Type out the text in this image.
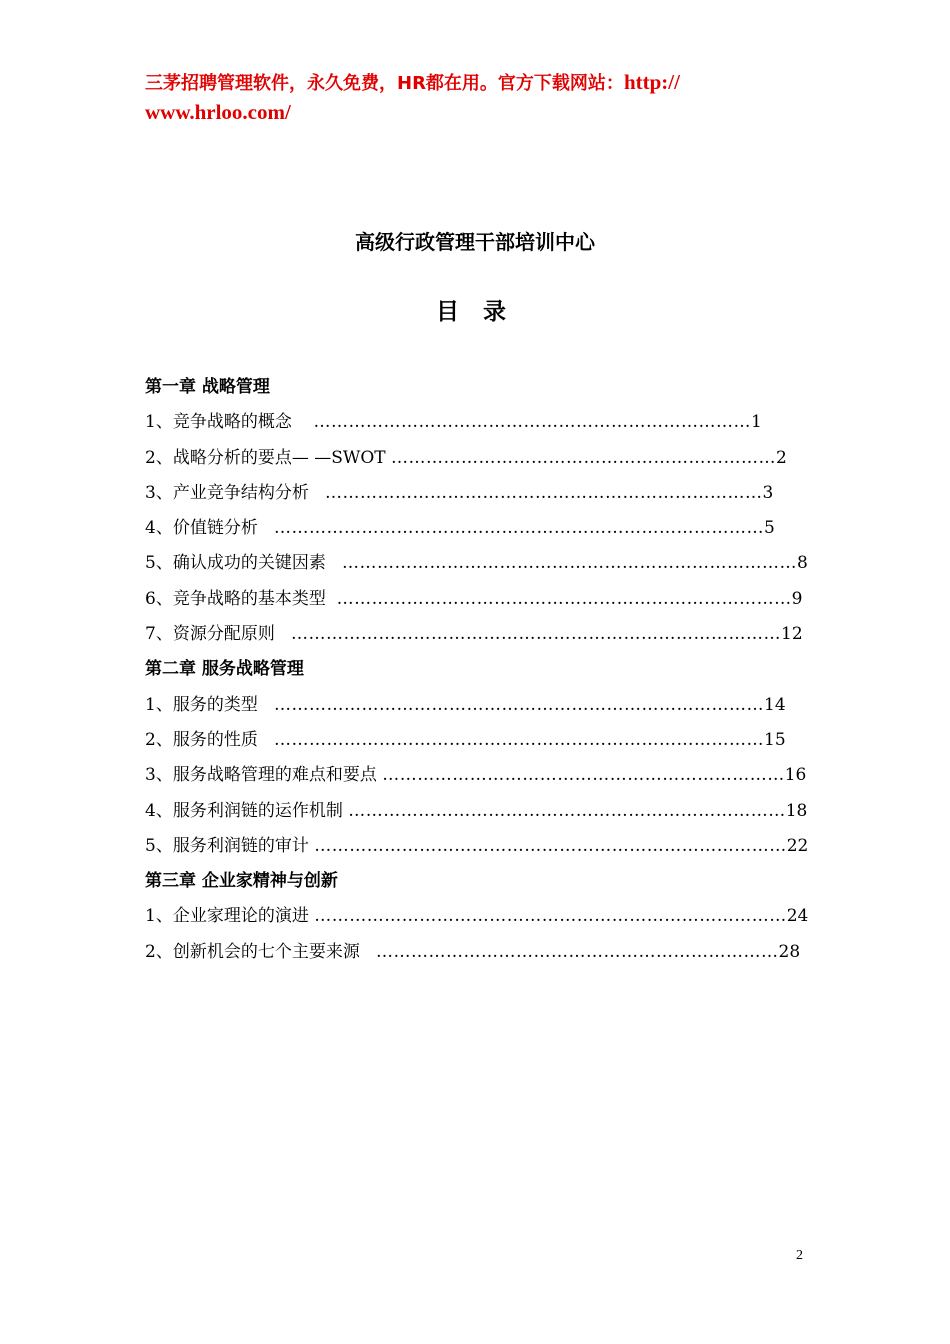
三茅招聘管理软件，永久免费，HR都在用。官方下载网站：http://
www.hrloo.com/
高级行政管理干部培训中心
目 录
第一章 战略管理
1、竞争战略的概念 …………………………………………………………………1
2、战略分析的要点— —SWOT …………………………………………………………2
3、产业竞争结构分析 …………………………………………………………………3
4、价值链分析 …………………………………………………………………………5
5、确认成功的关键因素 ……………………………………………………………………8
6、竞争战略的基本类型 ……………………………………………………………………9
7、资源分配原则 …………………………………………………………………………12
第二章 服务战略管理
1、服务的类型 …………………………………………………………………………14
2、服务的性质 …………………………………………………………………………15
3、服务战略管理的难点和要点 ……………………………………………………………16
4、服务利润链的运作机制 …………………………………………………………………18
5、服务利润链的审计 ………………………………………………………………………22
第三章 企业家精神与创新
1、企业家理论的演进 ………………………………………………………………………24
2、创新机会的七个主要来源 ……………………………………………………………28
2
